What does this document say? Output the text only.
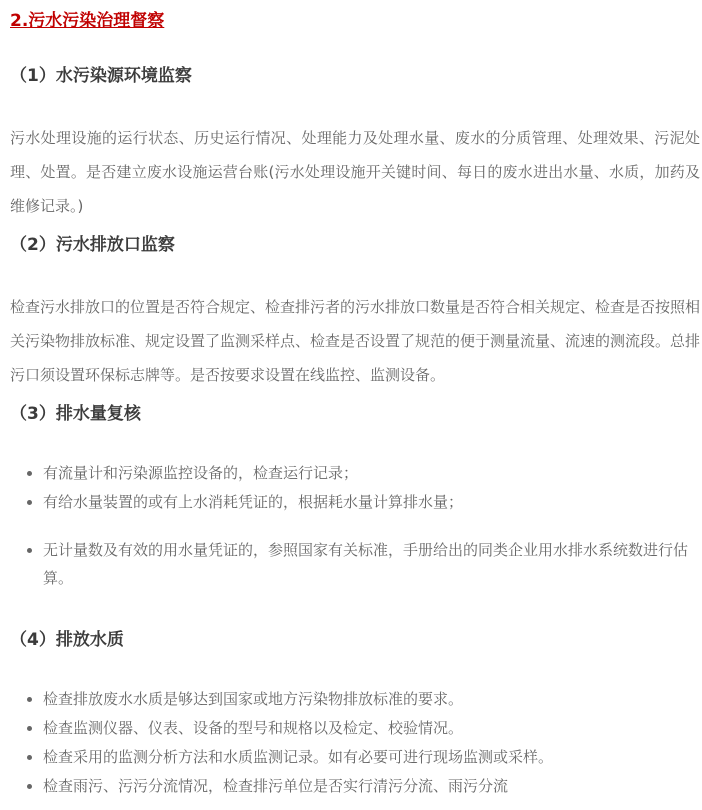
2.污水污染治理督察
（1）水污染源环境监察

污水处理设施的运行状态、历史运行情况、处理能力及处理水量、废水的分质管理、处理效果、污泥处理、处置。是否建立废水设施运营台账(污水处理设施开关键时间、每日的废水进出水量、水质，加药及维修记录。)

（2）污水排放口监察

检查污水排放口的位置是否符合规定、检查排污者的污水排放口数量是否符合相关规定、检查是否按照相关污染物排放标准、规定设置了监测采样点、检查是否设置了规范的便于测量流量、流速的测流段。总排污口须设置环保标志牌等。是否按要求设置在线监控、监测设备。

（3）排水量复核
• 有流量计和污染源监控设备的，检查运行记录；
• 有给水量装置的或有上水消耗凭证的，根据耗水量计算排水量；
• 无计量数及有效的用水量凭证的，参照国家有关标准，手册给出的同类企业用水排水系统数进行估算。
（4）排放水质
• 检查排放废水水质是够达到国家或地方污染物排放标准的要求。
• 检查监测仪器、仪表、设备的型号和规格以及检定、校验情况。
• 检查采用的监测分析方法和水质监测记录。如有必要可进行现场监测或采样。
• 检查雨污、污污分流情况，检查排污单位是否实行清污分流、雨污分流
